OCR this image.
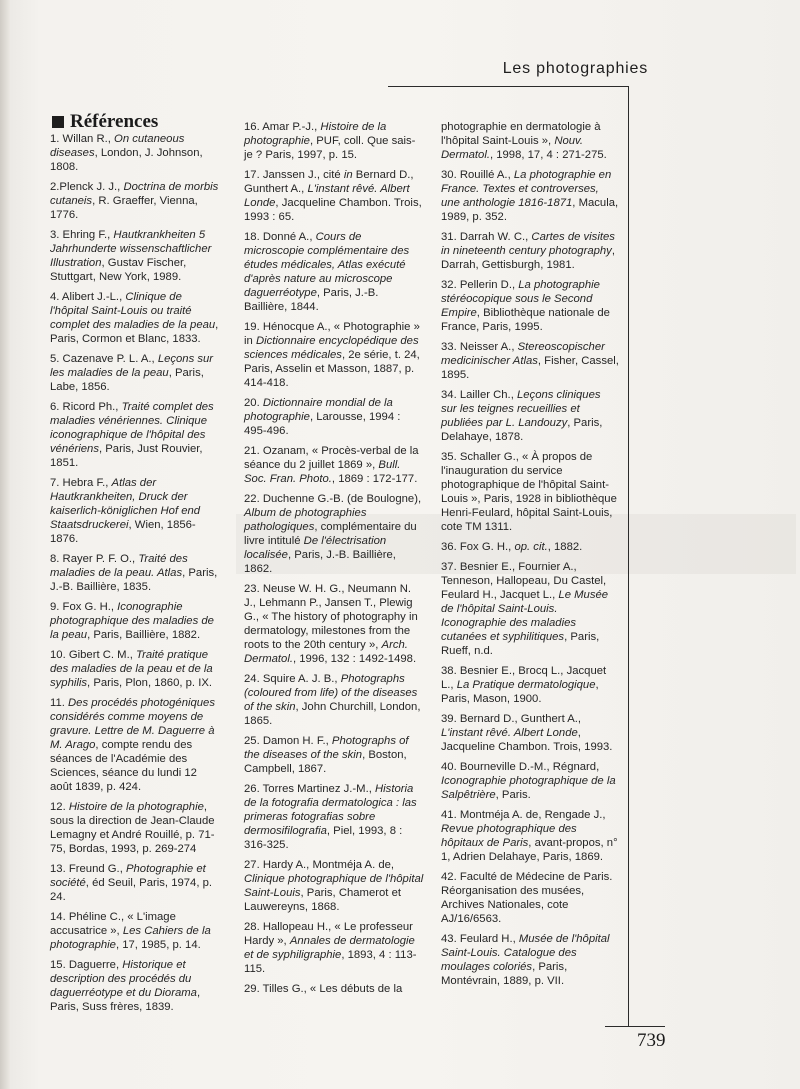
Les photographies
Références
1. Willan R., On cutaneous diseases, London, J. Johnson, 1808.
2.Plenck J. J., Doctrina de morbis cutaneis, R. Graeffer, Vienna, 1776.
3. Ehring F., Hautkrankheiten 5 Jahrhunderte wissenschaftlicher Illustration, Gustav Fischer, Stuttgart, New York, 1989.
4. Alibert J.-L., Clinique de l'hôpital Saint-Louis ou traité complet des maladies de la peau, Paris, Cormon et Blanc, 1833.
5. Cazenave P. L. A., Leçons sur les maladies de la peau, Paris, Labe, 1856.
6. Ricord Ph., Traité complet des maladies vénériennes. Clinique iconographique de l'hôpital des vénériens, Paris, Just Rouvier, 1851.
7. Hebra F., Atlas der Hautkrankheiten, Druck der kaiserlich-königlichen Hof end Staatsdruckerei, Wien, 1856-1876.
8. Rayer P. F. O., Traité des maladies de la peau. Atlas, Paris, J.-B. Baillière, 1835.
9. Fox G. H., Iconographie photographique des maladies de la peau, Paris, Baillière, 1882.
10. Gibert C. M., Traité pratique des maladies de la peau et de la syphilis, Paris, Plon, 1860, p. IX.
11. Des procédés photogéniques considérés comme moyens de gravure. Lettre de M. Daguerre à M. Arago, compte rendu des séances de l'Académie des Sciences, séance du lundi 12 août 1839, p. 424.
12. Histoire de la photographie, sous la direction de Jean-Claude Lemagny et André Rouillé, p. 71-75, Bordas, 1993, p. 269-274
13. Freund G., Photographie et société, éd Seuil, Paris, 1974, p. 24.
14. Phéline C., « L'image accusatrice », Les Cahiers de la photographie, 17, 1985, p. 14.
15. Daguerre, Historique et description des procédés du daguerréotype et du Diorama, Paris, Suss frères, 1839.
16. Amar P.-J., Histoire de la photographie, PUF, coll. Que sais-je ? Paris, 1997, p. 15.
17. Janssen J., cité in Bernard D., Gunthert A., L'instant rêvé. Albert Londe, Jacqueline Chambon. Trois, 1993 : 65.
18. Donné A., Cours de microscopie complémentaire des études médicales, Atlas exécuté d'après nature au microscope daguerréotype, Paris, J.-B. Baillière, 1844.
19. Hénocque A., « Photographie » in Dictionnaire encyclopédique des sciences médicales, 2e série, t. 24, Paris, Asselin et Masson, 1887, p. 414-418.
20. Dictionnaire mondial de la photographie, Larousse, 1994 : 495-496.
21. Ozanam, « Procès-verbal de la séance du 2 juillet 1869 », Bull. Soc. Fran. Photo., 1869 : 172-177.
22. Duchenne G.-B. (de Boulogne), Album de photographies pathologiques, complémentaire du livre intitulé De l'électrisation localisée, Paris, J.-B. Baillière, 1862.
23. Neuse W. H. G., Neumann N. J., Lehmann P., Jansen T., Plewig G., « The history of photography in dermatology, milestones from the roots to the 20th century », Arch. Dermatol., 1996, 132 : 1492-1498.
24. Squire A. J. B., Photographs (coloured from life) of the diseases of the skin, John Churchill, London, 1865.
25. Damon H. F., Photographs of the diseases of the skin, Boston, Campbell, 1867.
26. Torres Martinez J.-M., Historia de la fotografia dermatologica : las primeras fotografias sobre dermosifilografia, Piel, 1993, 8 : 316-325.
27. Hardy A., Montméja A. de, Clinique photographique de l'hôpital Saint-Louis, Paris, Chamerot et Lauwereyns, 1868.
28. Hallopeau H., « Le professeur Hardy », Annales de dermatologie et de syphiligraphie, 1893, 4 : 113-115.
29. Tilles G., « Les débuts de la
photographie en dermatologie à l'hôpital Saint-Louis », Nouv. Dermatol., 1998, 17, 4 : 271-275.
30. Rouillé A., La photographie en France. Textes et controverses, une anthologie 1816-1871, Macula, 1989, p. 352.
31. Darrah W. C., Cartes de visites in nineteenth century photography, Darrah, Gettisburgh, 1981.
32. Pellerin D., La photographie stéréocopique sous le Second Empire, Bibliothèque nationale de France, Paris, 1995.
33. Neisser A., Stereoscopischer medicinischer Atlas, Fisher, Cassel, 1895.
34. Lailler Ch., Leçons cliniques sur les teignes recueillies et publiées par L. Landouzy, Paris, Delahaye, 1878.
35. Schaller G., « À propos de l'inauguration du service photographique de l'hôpital Saint-Louis », Paris, 1928 in bibliothèque Henri-Feulard, hôpital Saint-Louis, cote TM 1311.
36. Fox G. H., op. cit., 1882.
37. Besnier E., Fournier A., Tenneson, Hallopeau, Du Castel, Feulard H., Jacquet L., Le Musée de l'hôpital Saint-Louis. Iconographie des maladies cutanées et syphilitiques, Paris, Rueff, n.d.
38. Besnier E., Brocq L., Jacquet L., La Pratique dermatologique, Paris, Mason, 1900.
39. Bernard D., Gunthert A., L'instant rêvé. Albert Londe, Jacqueline Chambon. Trois, 1993.
40. Bourneville D.-M., Régnard, Iconographie photographique de la Salpêtrière, Paris.
41. Montméja A. de, Rengade J., Revue photographique des hôpitaux de Paris, avant-propos, n° 1, Adrien Delahaye, Paris, 1869.
42. Faculté de Médecine de Paris. Réorganisation des musées, Archives Nationales, cote AJ/16/6563.
43. Feulard H., Musée de l'hôpital Saint-Louis. Catalogue des moulages coloriés, Paris, Montévrain, 1889, p. VII.
739
